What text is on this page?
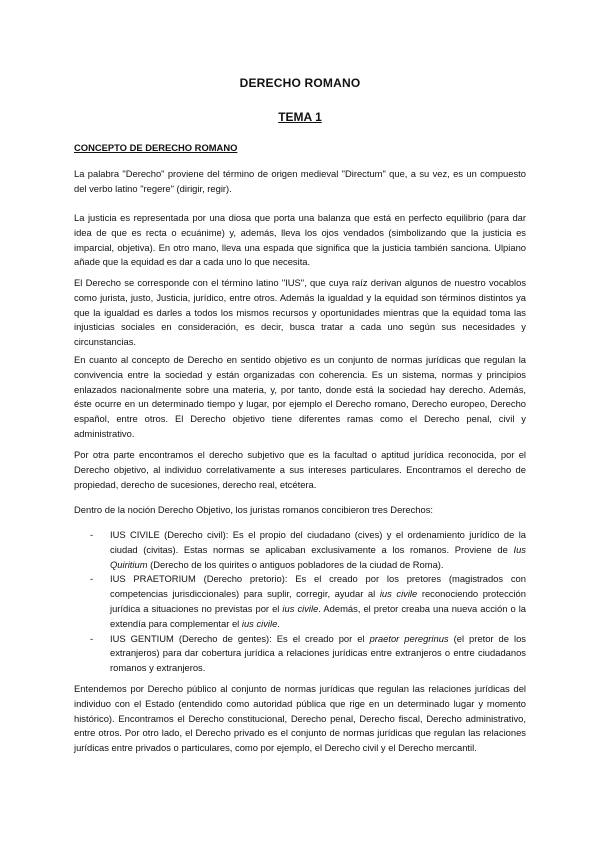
DERECHO ROMANO
TEMA 1
CONCEPTO DE DERECHO ROMANO

La palabra "Derecho" proviene del término de origen medieval "Directum" que, a su vez, es un compuesto del verbo latino "regere" (dirigir, regir).

La justicia es representada por una diosa que porta una balanza que está en perfecto equilibrio (para dar idea de que es recta o ecuánime) y, además, lleva los ojos vendados (simbolizando que la justicia es imparcial, objetiva). En otro mano, lleva una espada que significa que la justicia también sanciona. Ulpiano añade que la equidad es dar a cada uno lo que necesita.

El Derecho se corresponde con el término latino "IUS", que cuya raíz derivan algunos de nuestro vocablos como jurista, justo, Justicia, jurídico, entre otros. Además la igualdad y la equidad son términos distintos ya que la igualdad es darles a todos los mismos recursos y oportunidades mientras que la equidad toma las injusticias sociales en consideración, es decir, busca tratar a cada uno según sus necesidades y circunstancias.

En cuanto al concepto de Derecho en sentido objetivo es un conjunto de normas jurídicas que regulan la convivencia entre la sociedad y están organizadas con coherencia. Es un sistema, normas y principios enlazados nacionalmente sobre una materia, y, por tanto, donde está la sociedad hay derecho. Además, éste ocurre en un determinado tiempo y lugar, por ejemplo el Derecho romano, Derecho europeo, Derecho español, entre otros. El Derecho objetivo tiene diferentes ramas como el Derecho penal, civil y administrativo.

Por otra parte encontramos el derecho subjetivo que es la facultad o aptitud jurídica reconocida, por el Derecho objetivo, al individuo correlativamente a sus intereses particulares. Encontramos el derecho de propiedad, derecho de sucesiones, derecho real, etcétera.

Dentro de la noción Derecho Objetivo, los juristas romanos concibieron tres Derechos:

- IUS CIVILE (Derecho civil): Es el propio del ciudadano (cives) y el ordenamiento jurídico de la ciudad (civitas). Estas normas se aplicaban exclusivamente a los romanos. Proviene de Ius Quiritium (Derecho de los quirites o antiguos pobladores de la ciudad de Roma).
- IUS PRAETORIUM (Derecho pretorio): Es el creado por los pretores (magistrados con competencias jurisdiccionales) para suplir, corregir, ayudar al ius civile reconociendo protección jurídica a situaciones no previstas por el ius civile. Además, el pretor creaba una nueva acción o la extendía para complementar el ius civile.
- IUS GENTIUM (Derecho de gentes): Es el creado por el praetor peregrinus (el pretor de los extranjeros) para dar cobertura jurídica a relaciones jurídicas entre extranjeros o entre ciudadanos romanos y extranjeros.

Entendemos por Derecho público al conjunto de normas jurídicas que regulan las relaciones jurídicas del individuo con el Estado (entendido como autoridad pública que rige en un determinado lugar y momento histórico). Encontramos el Derecho constitucional, Derecho penal, Derecho fiscal, Derecho administrativo, entre otros. Por otro lado, el Derecho privado es el conjunto de normas jurídicas que regulan las relaciones jurídicas entre privados o particulares, como por ejemplo, el Derecho civil y el Derecho mercantil.
